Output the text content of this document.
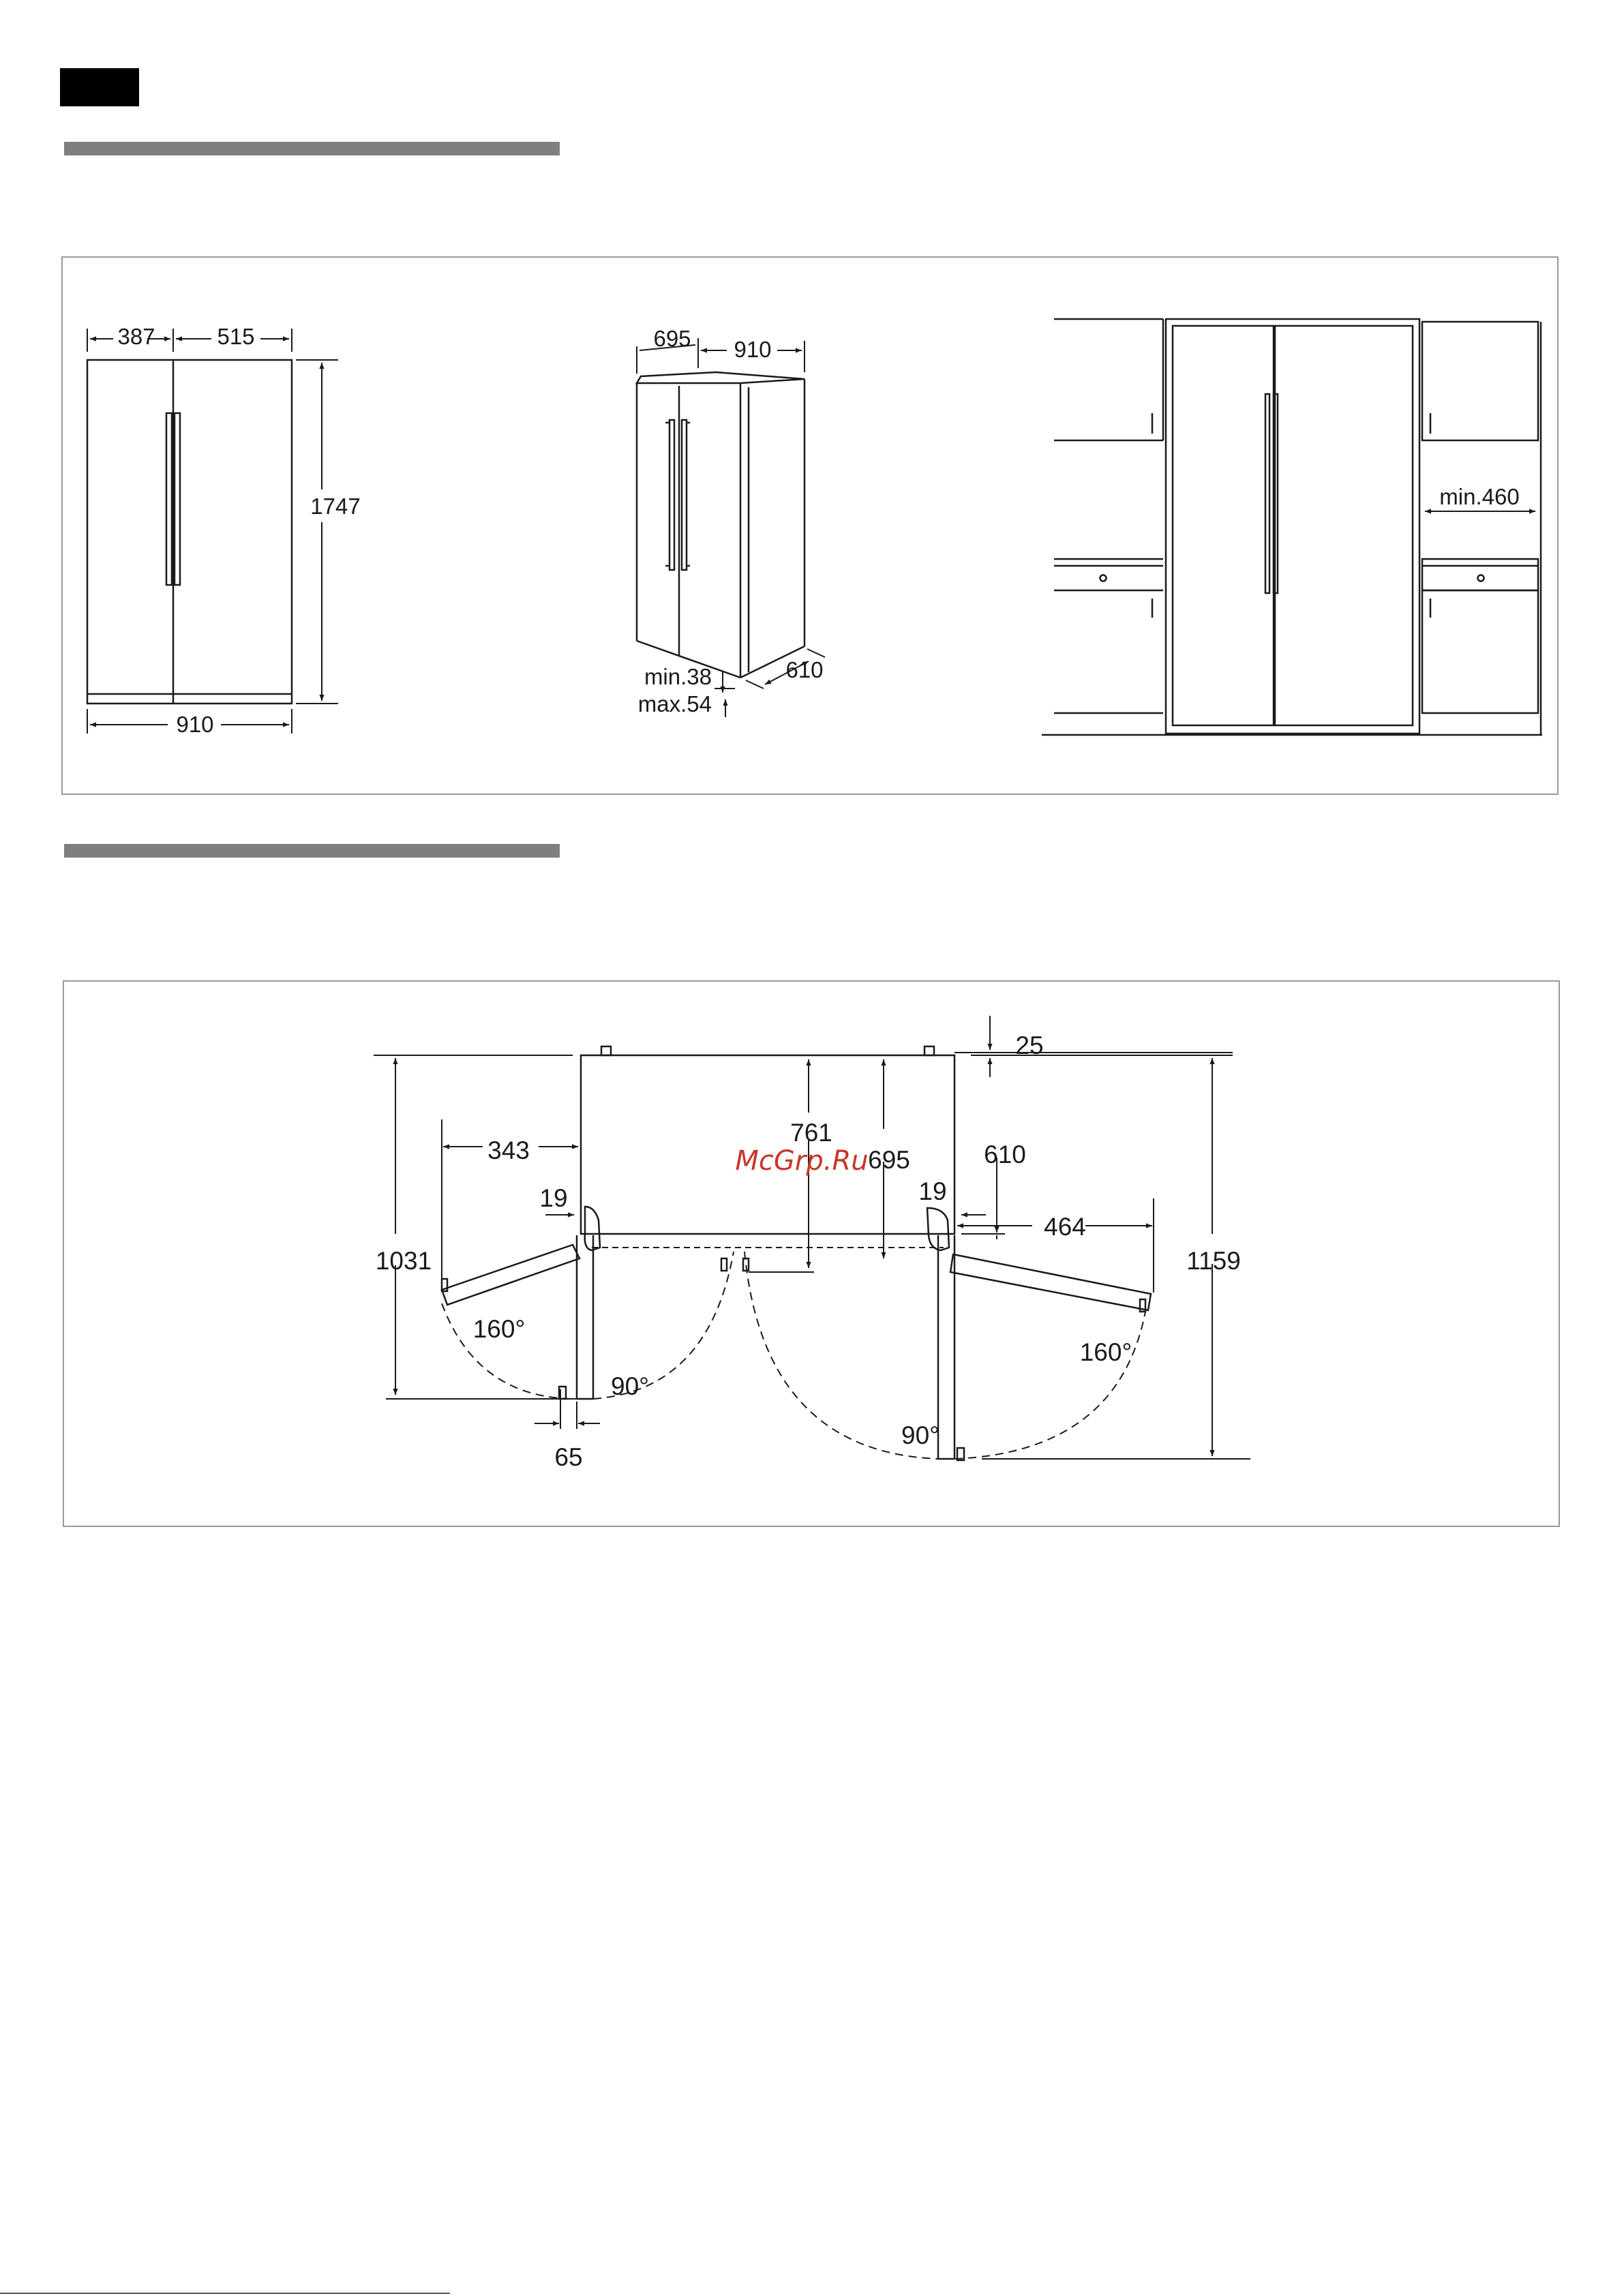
387	515
1747
910
695 910
610
min.38
max.54
min.460
25
761
695	610
343
464
19	19
1031	1159
160°
160°
90°
90°
65
McGrp.Ru
